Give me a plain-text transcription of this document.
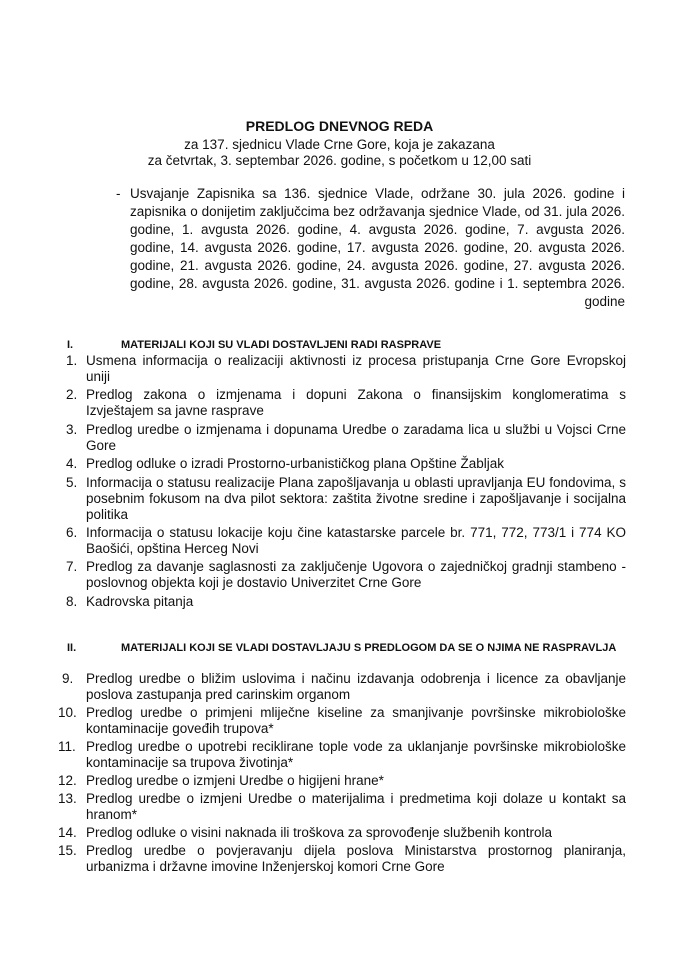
PREDLOG DNEVNOG REDA

za 137. sjednicu Vlade Crne Gore, koja je zakazana

za četvrtak, 3. septembar 2026. godine, s početkom u 12,00 sati

- Usvajanje Zapisnika sa 136. sjednice Vlade, održane 30. jula 2026. godine i zapisnika o donijetim zaključcima bez održavanja sjednice Vlade, od 31. jula 2026. godine, 1. avgusta 2026. godine, 4. avgusta 2026. godine, 7. avgusta 2026. godine, 14. avgusta 2026. godine, 17. avgusta 2026. godine, 20. avgusta 2026. godine, 21. avgusta 2026. godine, 24. avgusta 2026. godine, 27. avgusta 2026. godine, 28. avgusta 2026. godine, 31. avgusta 2026. godine i 1. septembra 2026. godine
I.	MATERIJALI KOJI SU VLADI DOSTAVLJENI RADI RASPRAVE
1. Usmena informacija o realizaciji aktivnosti iz procesa pristupanja Crne Gore Evropskoj uniji
2. Predlog zakona o izmjenama i dopuni Zakona o finansijskim konglomeratima s Izvještajem sa javne rasprave
3. Predlog uredbe o izmjenama i dopunama Uredbe o zaradama lica u službi u Vojsci Crne Gore
4. Predlog odluke o izradi Prostorno-urbanističkog plana Opštine Žabljak
5. Informacija o statusu realizacije Plana zapošljavanja u oblasti upravljanja EU fondovima, s posebnim fokusom na dva pilot sektora: zaštita životne sredine i zapošljavanje i socijalna politika
6. Informacija o statusu lokacije koju čine katastarske parcele br. 771, 772, 773/1 i 774 KO Baošići, opština Herceg Novi
7. Predlog za davanje saglasnosti za zaključenje Ugovora o zajedničkoj gradnji stambeno - poslovnog objekta koji je dostavio Univerzitet Crne Gore
8. Kadrovska pitanja
II.	MATERIJALI KOJI SE VLADI DOSTAVLJAJU S PREDLOGOM DA SE O NJIMA NE RASPRAVLJA
9. Predlog uredbe o bližim uslovima i načinu izdavanja odobrenja i licence za obavljanje poslova zastupanja pred carinskim organom
10. Predlog uredbe o primjeni mliječne kiseline za smanjivanje površinske mikrobiološke kontaminacije goveđih trupova*
11. Predlog uredbe o upotrebi reciklirane tople vode za uklanjanje površinske mikrobiološke kontaminacije sa trupova životinja*
12. Predlog uredbe o izmjeni Uredbe o higijeni hrane*
13. Predlog uredbe o izmjeni Uredbe o materijalima i predmetima koji dolaze u kontakt sa hranom*
14. Predlog odluke o visini naknada ili troškova za sprovođenje službenih kontrola
15. Predlog uredbe o povjeravanju dijela poslova Ministarstva prostornog planiranja, urbanizma i državne imovine Inženjerskoj komori Crne Gore
